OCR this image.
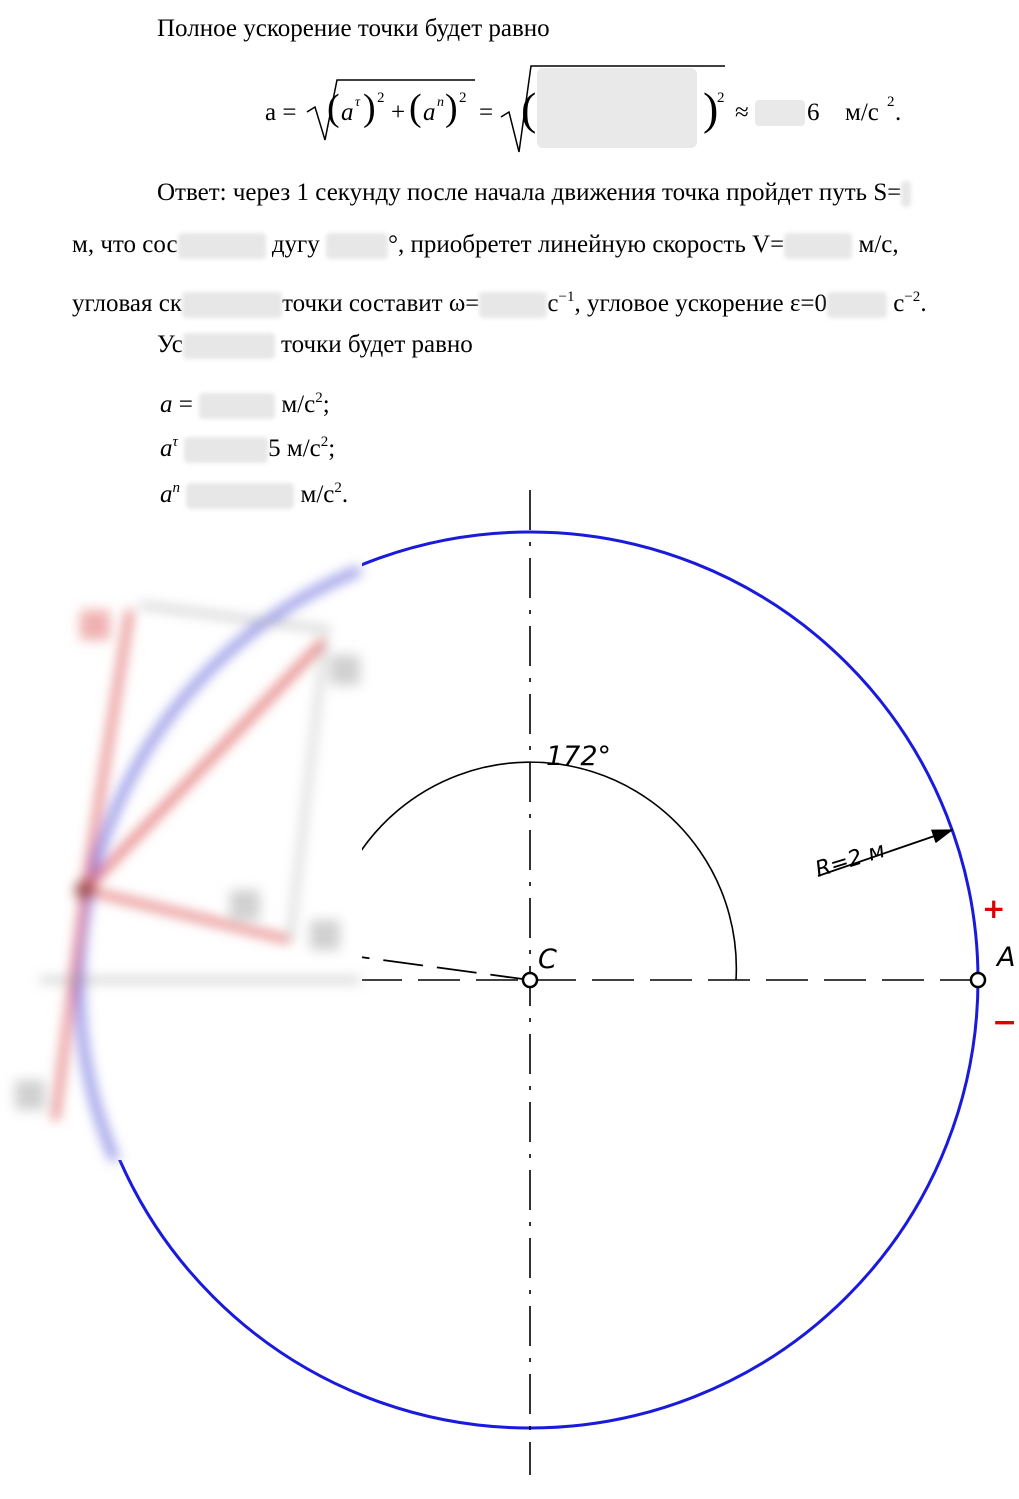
Полное ускорение точки будет равно
a = ( a τ ) 2
+ ( a n ) 2
= (	)
2
≈ 6 м/с 2 .
Ответ: через 1 секунду после начала движения точка пройдет путь S=
м, что сос	дугу	°, приобретет линейную скорость V=	м/с,
угловая ск	точки составит ω=	$с^{-1}$, угловое ускорение ε=0	$с^{-2}$.
Ус	точки будет равно
a =	$м/с^2$;
$a^\tau$	5 $м/с^2$;
$a^n$	$м/с^2$.
172°
R=2 м
C	A
+
−
